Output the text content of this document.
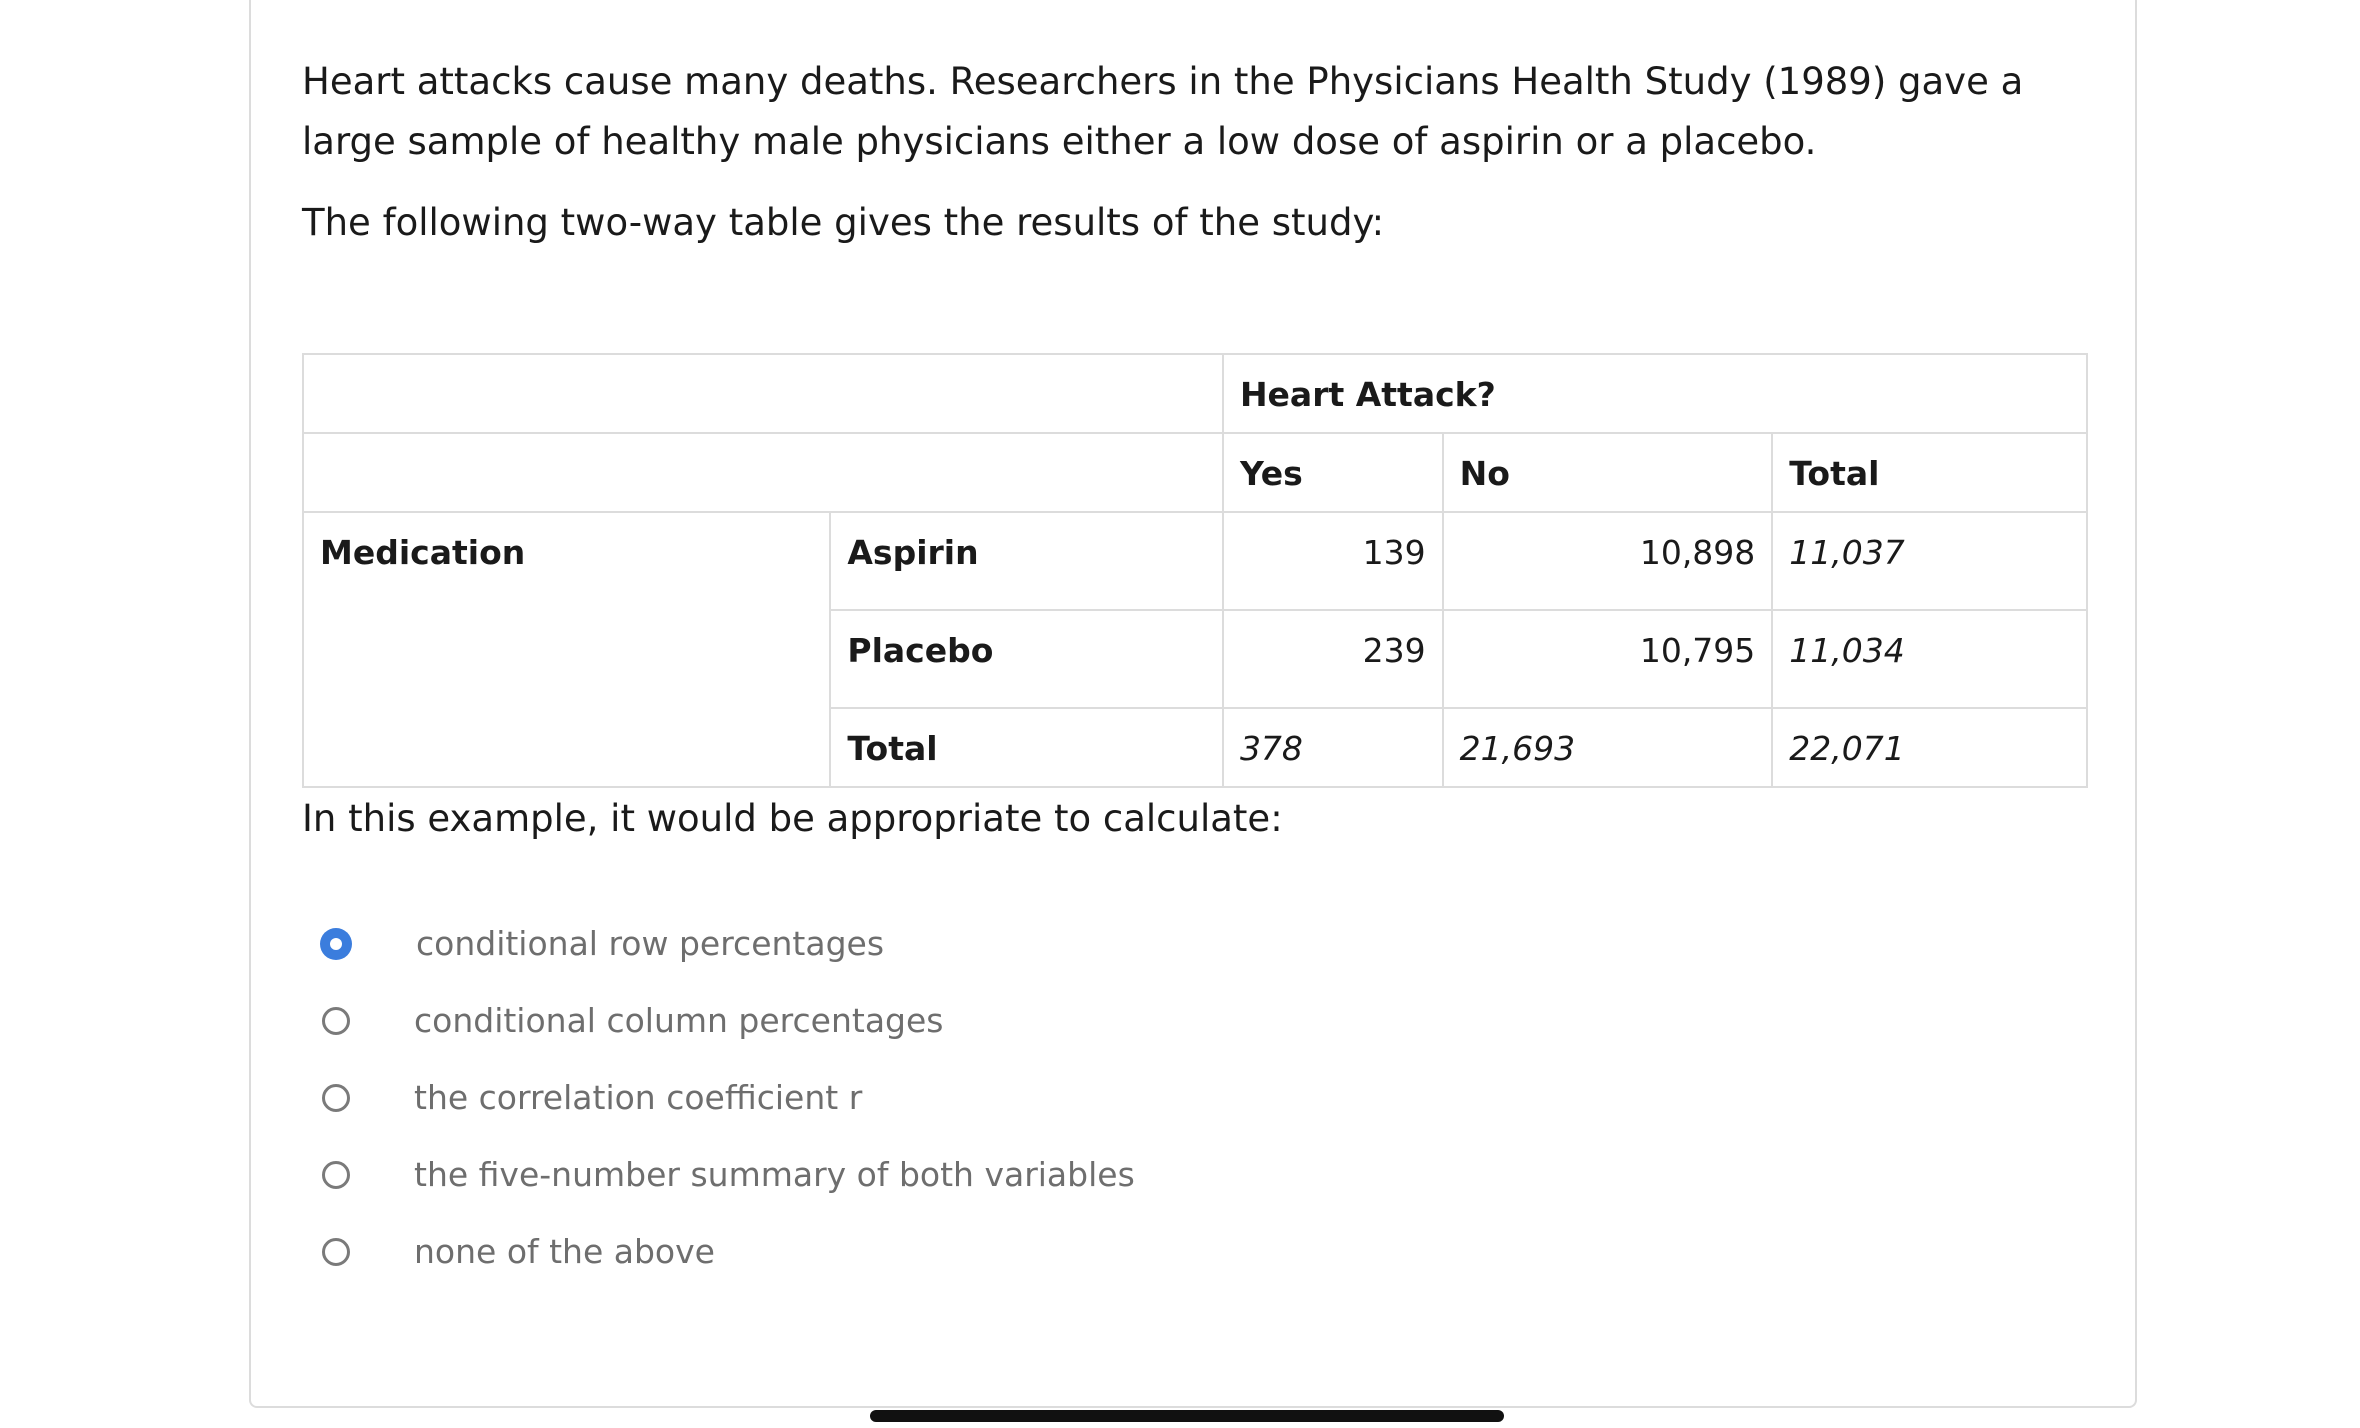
Heart attacks cause many deaths. Researchers in the Physicians Health Study (1989) gave a large sample of healthy male physicians either a low dose of aspirin or a placebo.

The following two-way table gives the results of the study:

		Heart Attack?		
		Yes	No	Total
Medication	Aspirin	139	10,898	11,037
	Placebo	239	10,795	11,034
	Total	378	21,693	22,071

In this example, it would be appropriate to calculate:

conditional row percentages
conditional column percentages
the correlation coefficient r
the five-number summary of both variables
none of the above
